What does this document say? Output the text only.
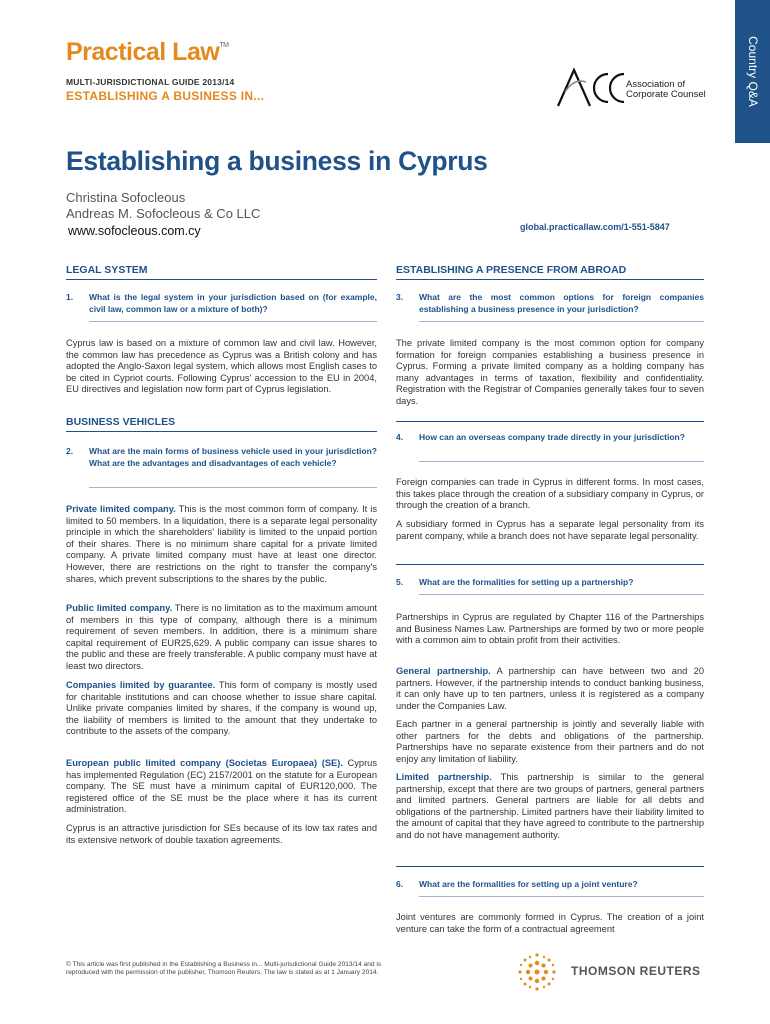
Country Q&A
Practical Law™
MULTI-JURISDICTIONAL GUIDE 2013/14
ESTABLISHING A BUSINESS IN...
Association of
Corporate Counsel
Establishing a business in Cyprus
Christina Sofocleous
Andreas M. Sofocleous & Co LLC
www.sofocleous.com.cy	global.practicallaw.com/1-551-5847
LEGAL SYSTEM
1. What is the legal system in your jurisdiction based on (for example, civil law, common law or a mixture of both)?
Cyprus law is based on a mixture of common law and civil law. However, the common law has precedence as Cyprus was a British colony and has adopted the Anglo-Saxon legal system, which allows most English cases to be cited in Cypriot courts. Following Cyprus' accession to the EU in 2004, EU directives and legislation now form part of Cyprus legislation.
BUSINESS VEHICLES
2. What are the main forms of business vehicle used in your jurisdiction? What are the advantages and disadvantages of each vehicle?
Private limited company. This is the most common form of company. It is limited to 50 members. In a liquidation, there is a separate legal personality principle in which the shareholders' liability is limited to the unpaid portion of their shares. There is no minimum share capital for a private limited company. A private limited company must have at least one director. However, there are restrictions on the right to transfer the company's shares, which prevent subscriptions to the shares by the public.
Public limited company. There is no limitation as to the maximum amount of members in this type of company, although there is a minimum requirement of seven members. In addition, there is a minimum share capital requirement of EUR25,629. A public company can issue shares to the public and these are freely transferable. A public company must have at least two directors.
Companies limited by guarantee. This form of company is mostly used for charitable institutions and can choose whether to issue share capital. Unlike private companies limited by shares, if the company is wound up, the liability of members is limited to the amount that they undertake to contribute to the assets of the company.
European public limited company (Societas Europaea) (SE). Cyprus has implemented Regulation (EC) 2157/2001 on the statute for a European company. The SE must have a minimum capital of EUR120,000. The registered office of the SE must be the place where it has its current administration.
Cyprus is an attractive jurisdiction for SEs because of its low tax rates and its extensive network of double taxation agreements.
ESTABLISHING A PRESENCE FROM ABROAD
3. What are the most common options for foreign companies establishing a business presence in your jurisdiction?
The private limited company is the most common option for company formation for foreign companies establishing a business presence in Cyprus. Forming a private limited company as a holding company has many advantages in terms of taxation, flexibility and confidentiality. Registration with the Registrar of Companies generally takes four to seven days.
4. How can an overseas company trade directly in your jurisdiction?
Foreign companies can trade in Cyprus in different forms. In most cases, this takes place through the creation of a subsidiary company in Cyprus, or through the creation of a branch.
A subsidiary formed in Cyprus has a separate legal personality from its parent company, while a branch does not have separate legal personality.
5. What are the formalities for setting up a partnership?
Partnerships in Cyprus are regulated by Chapter 116 of the Partnerships and Business Names Law. Partnerships are formed by two or more people with a common aim to obtain profit from their activities.
General partnership. A partnership can have between two and 20 partners. However, if the partnership intends to conduct banking business, it can only have up to ten partners, unless it is registered as a company under the Companies Law.
Each partner in a general partnership is jointly and severally liable with other partners for the debts and obligations of the partnership. Partnerships have no separate existence from their partners and do not enjoy any limitation of liability.
Limited partnership. This partnership is similar to the general partnership, except that there are two groups of partners, general partners and limited partners. General partners are liable for all debts and obligations of the partnership. Limited partners have their liability limited to the amount of capital that they have agreed to contribute to the partnership and do not have management authority.
6. What are the formalities for setting up a joint venture?
Joint ventures are commonly formed in Cyprus. The creation of a joint venture can take the form of a contractual agreement
© This article was first published in the Establishing a Business in... Multi-jurisdictional Guide 2013/14 and is reproduced with the permission of the publisher, Thomson Reuters. The law is stated as at 1 January 2014.	THOMSON REUTERS
